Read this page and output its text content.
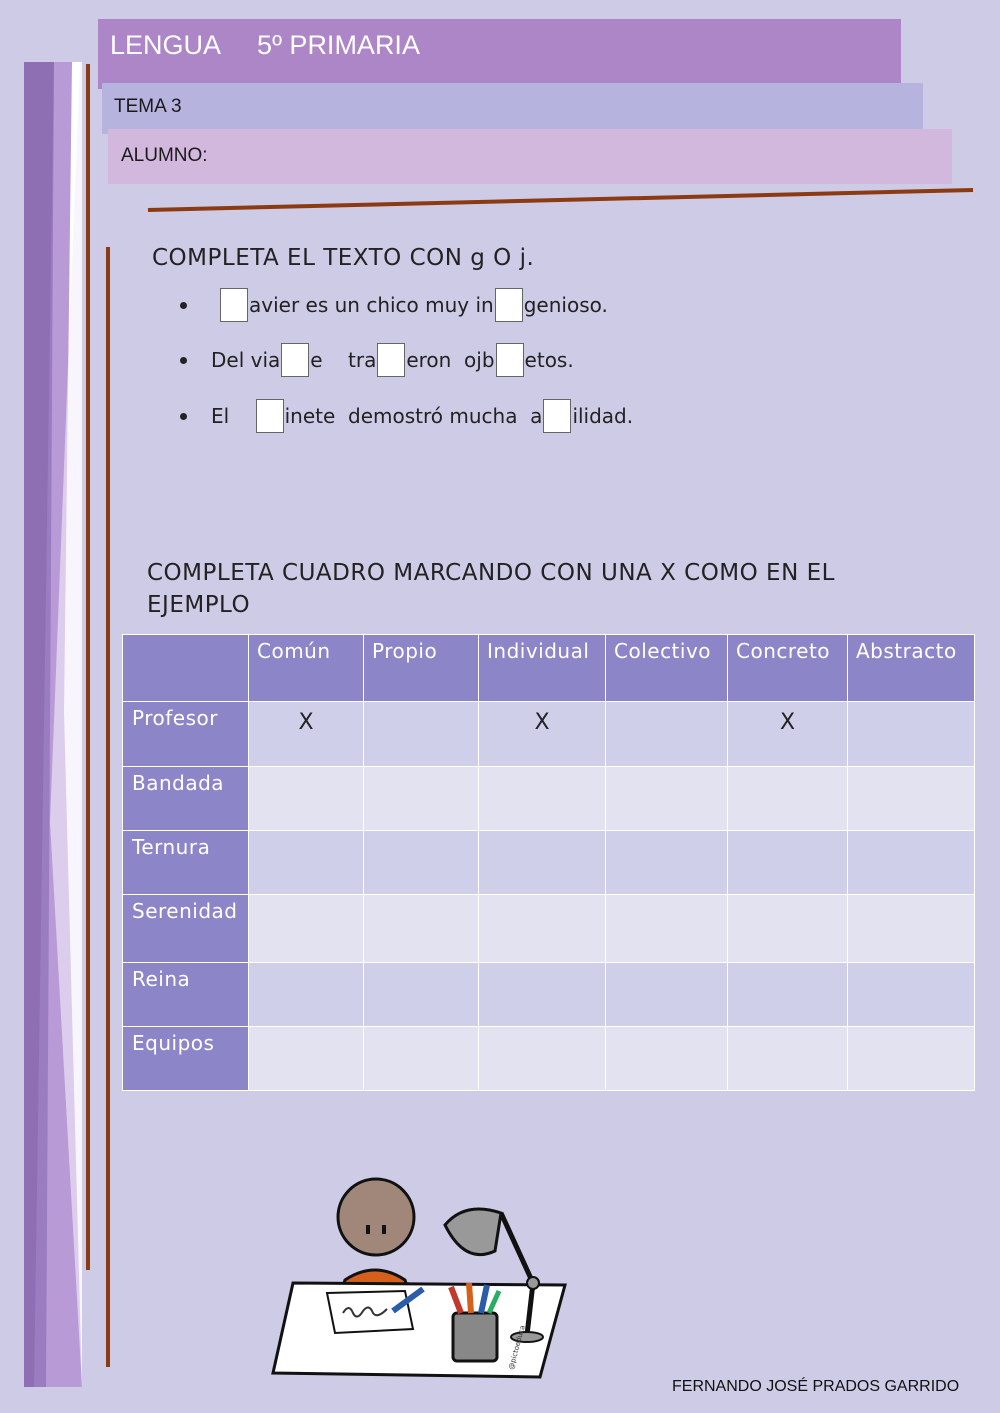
LENGUA     5º PRIMARIA
TEMA 3
ALUMNO:
COMPLETA EL TEXTO CON g O j.
avier es un chico muy in genioso.
Del via e    tra eron  ojb etos.
El inete  demostró mucha  a ilidad.
COMPLETA CUADRO MARCANDO CON UNA X COMO EN EL EJEMPLO
	Común	Propio	Individual	Colectivo	Concreto	Abstracto
Profesor	X		X		X	
Bandada						
Ternura						
Serenidad						
Reina						
Equipos						
@pictoeduca
FERNANDO JOSÉ PRADOS GARRIDO
